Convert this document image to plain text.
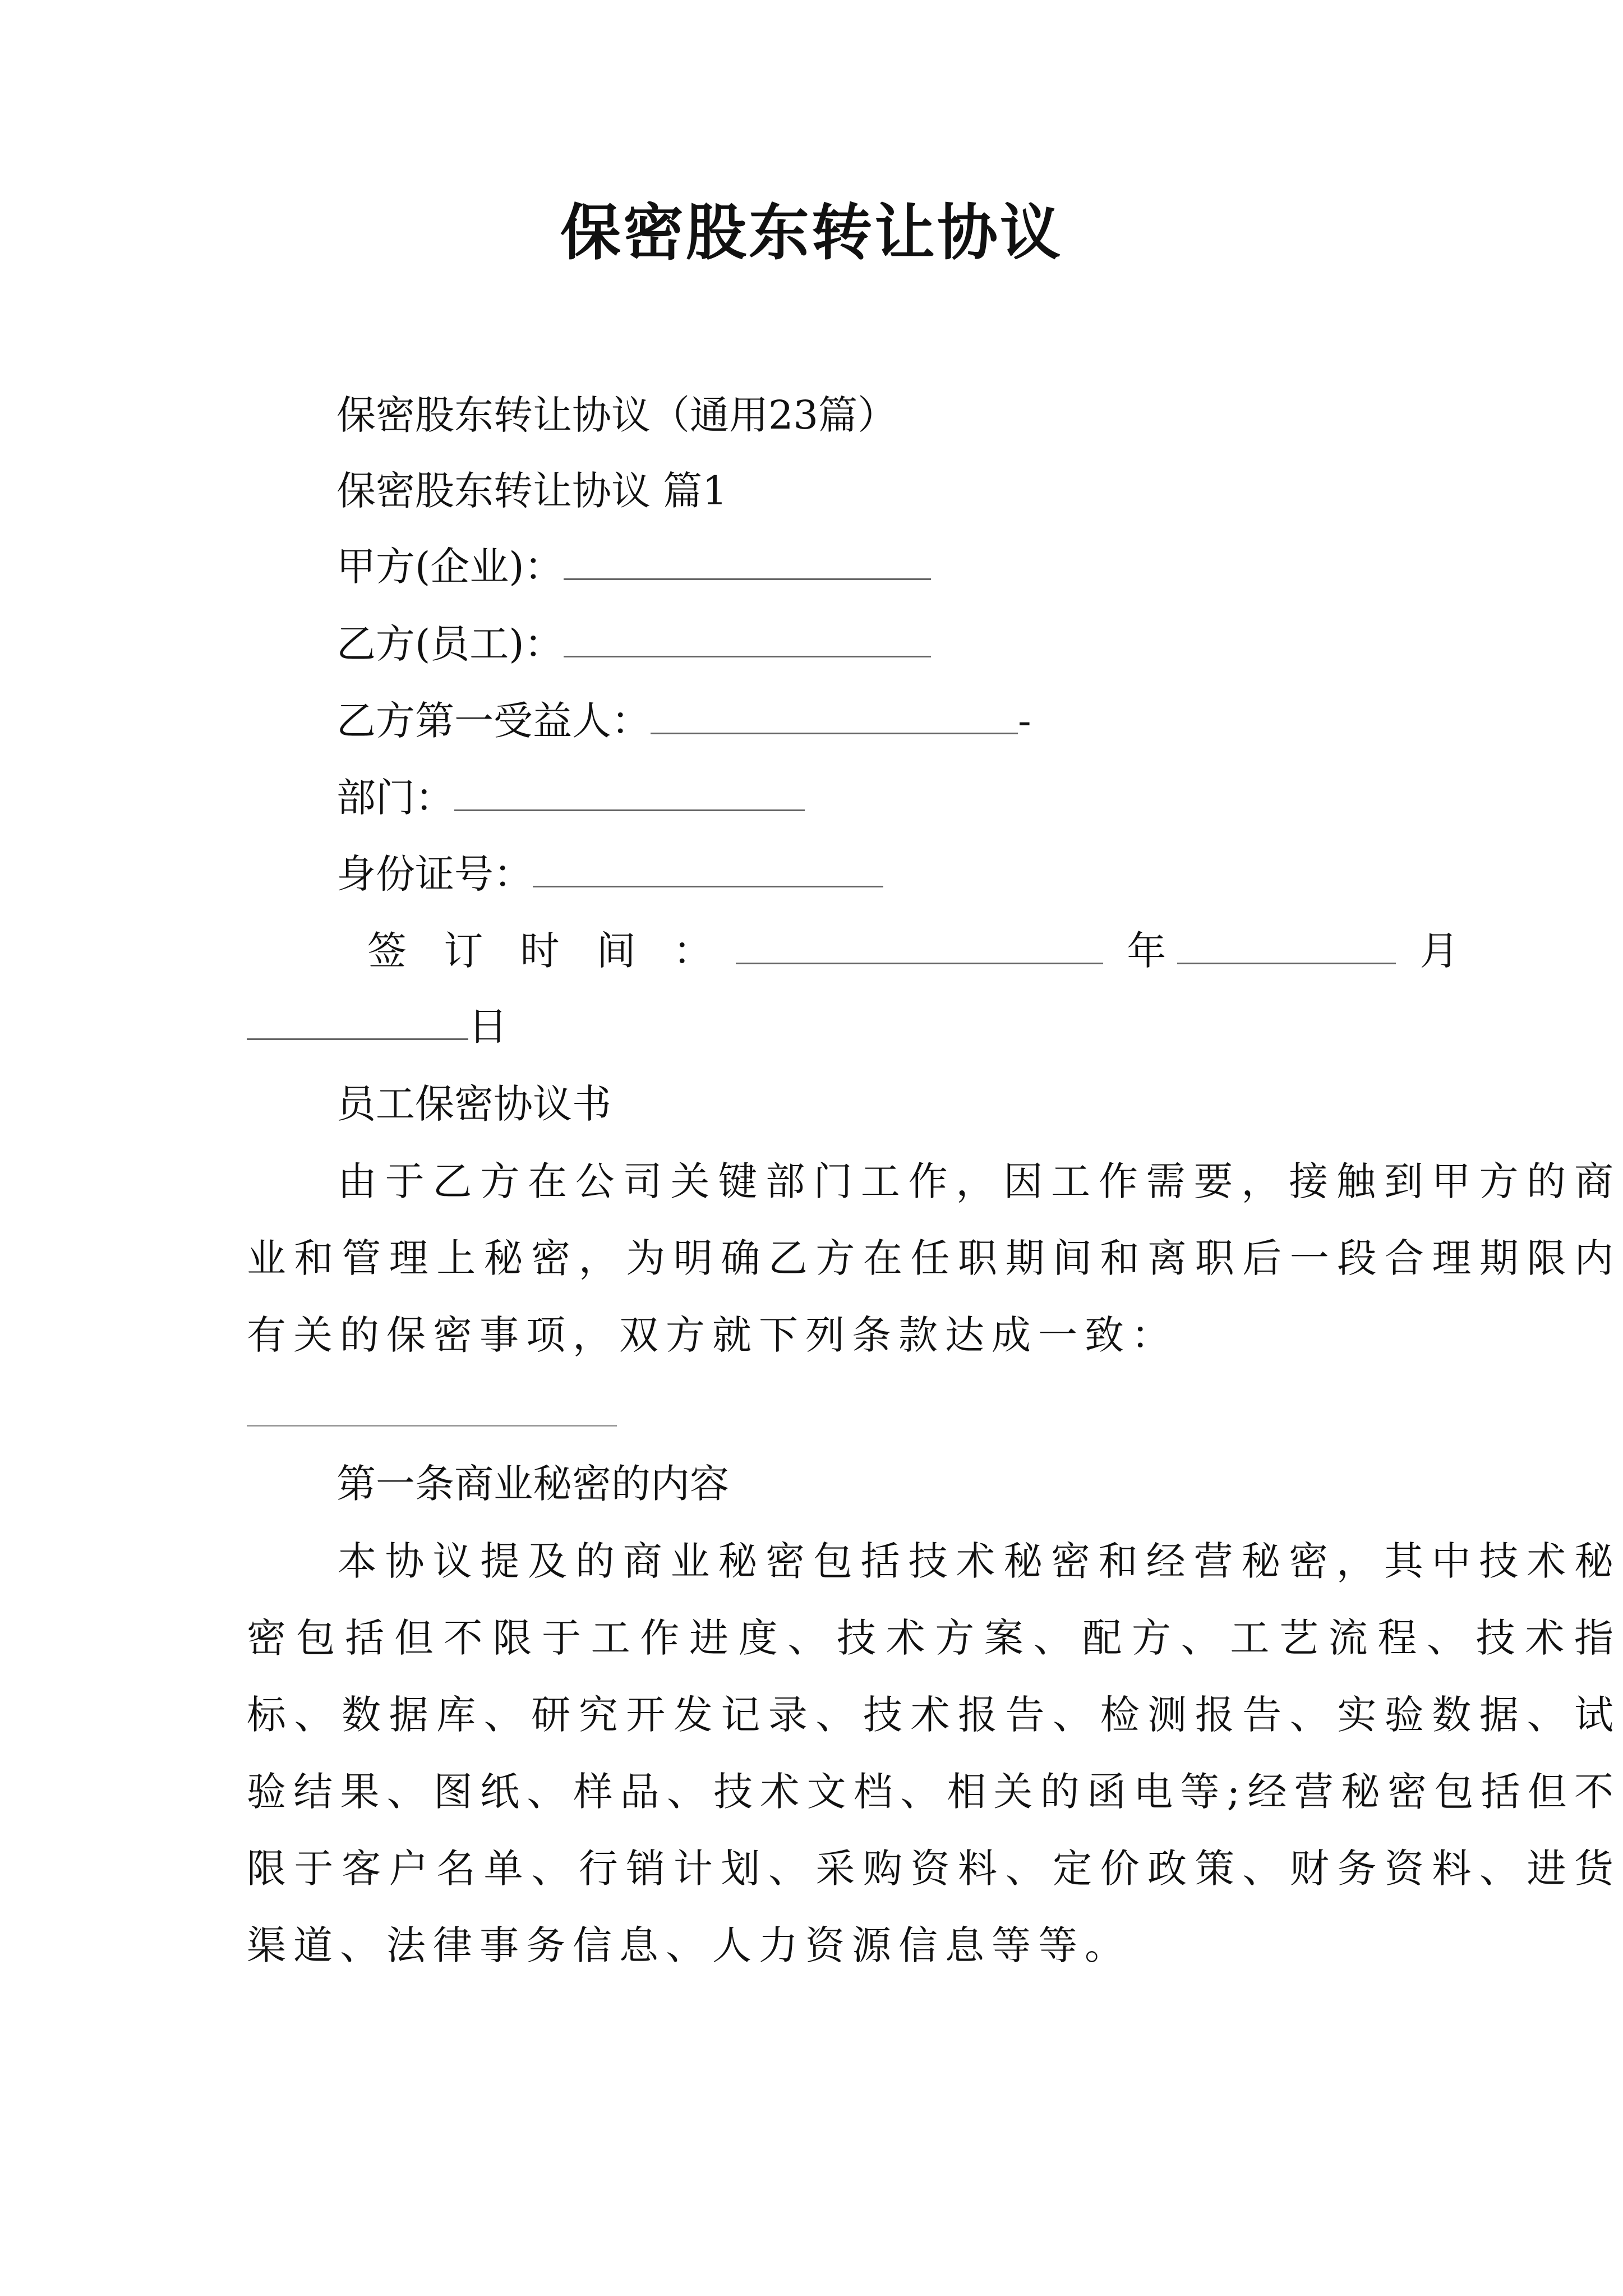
保密股东转让协议
保密股东转让协议（通用23篇）
保密股东转让协议 篇1
甲方(企业)：
乙方(员工)：
乙方第一受益人：	-
部门：
身份证号：
签 订 时 间 ：	年	月
日
员工保密协议书
由于乙方在公司关键部门工作，因工作需要，接触到甲方的商业和管理上秘密，为明确乙方在任职期间和离职后一段合理期限内有关的保密事项，双方就下列条款达成一致：
第一条商业秘密的内容
本协议提及的商业秘密包括技术秘密和经营秘密，其中技术秘密包括但不限于工作进度、技术方案、配方、工艺流程、技术指标、数据库、研究开发记录、技术报告、检测报告、实验数据、试验结果、图纸、样品、技术文档、相关的函电等;经营秘密包括但不限于客户名单、行销计划、采购资料、定价政策、财务资料、进货渠道、法律事务信息、人力资源信息等等。
